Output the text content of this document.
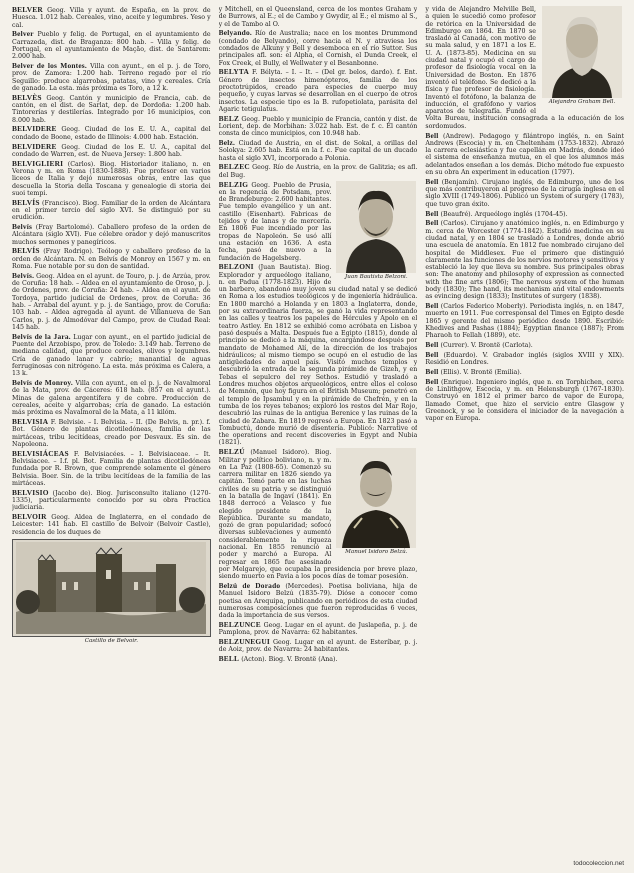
BELVER Geog. Villa y ayunt. de España, en la prov. de Huesca. 1.012 hab. Cereales, vino, aceite y legumbres. Yeso y cal.

Belver Pueblo y felig. de Portugal, en el ayuntamiento de Carrazeda, dist. de Braganza: 800 hab. – Villa y felig. de Portugal, en el ayuntamiento de Mação, dist. de Santarem: 2.000 hab.

Belver de los Montes. Villa con ayunt., en el p. j. de Toro, prov. de Zamora: 1.200 hab. Terreno regado por el río Seguillo: produce algarrobas, patatas, vino y cereales. Cría de ganado. La esta. más próxima es Toro, a 12 k.

BELVÈS Geog. Cantón y municipio de Francia, cab. de cantón, en el dist. de Sarlat, dep. de Dordoña: 1.200 hab. Tintorerías y destilerías. Integrado por 16 municipios, con 8.000 hab.

BELVIDERE Geog. Ciudad de los E. U. A., capital del condado de Boone, estado de Illinois: 4.000 hab. Estación.

BELVIDERE Geog. Ciudad de los E. U. A., capital del condado de Warren, est. de Nueva Jersey: 1.800 hab.

BELVIGLIERI (Carlos). Biog. Historiador italiano, n. en Verona y m. en Roma (1830-1888). Fue profesor en varios liceos de Italia y dejó numerosas obras, entre las que descuella la Storia della Toscana y genealogie di storia dei suoi tempi.

BELVÍS (Francisco). Biog. Familiar de la orden de Alcántara en el primer tercio del siglo XVI. Se distinguió por su erudición.

Belvís (Fray Bartolomé). Caballero profeso de la orden de Alcántara (siglo XVI). Fue célebre orador y dejó manuscritos muchos sermones y panegíricos.

BELVÍS (Fray Rodrigo). Teólogo y caballero profeso de la orden de Alcántara. N. en Belvís de Monroy en 1567 y m. en Roma. Fue notable por su don de santidad.

Belvís. Geog. Aldea en el ayunt. de Touro, p. j. de Arzúa, prov. de Coruña: 18 hab. – Aldea en el ayuntamiento de Oroso, p. j. de Ordenes, prov. de Coruña: 24 hab. – Aldea en el ayunt. de Tordoya, partido judicial de Ordenes, prov. de Coruña: 36 hab. – Arrabal del ayunt. y p. j. de Santiago, prov. de Coruña: 103 hab. – Aldea agregada al ayunt. de Villanueva de San Carlos, p. j. de Almodóvar del Campo, prov. de Ciudad Real: 145 hab.

Belvís de la Jara. Lugar con ayunt., en el partido judicial de Puente del Arzobispo, prov. de Toledo: 3.149 hab. Terreno de mediana calidad, que produce cereales, olivos y legumbres. Cría de ganado lanar y cabrío; manantial de aguas ferruginosas con nitrógeno. La esta. más próxima es Calera, a 13 k.

Belvís de Monroy. Villa con ayunt., en el p. j. de Navalmoral de la Mata, prov. de Cáceres: 618 hab. (857 en el ayunt.). Minas de galena argentífera y de cobre. Producción de cereales, aceite y algarrobas; cría de ganado. La estación más próxima es Navalmoral de la Mata, a 11 kilóm.

BELVISIA F. Belvisie. – I. Belvisia. – II. (De Belvis, n. pr.). f. Bot. Género de plantas dicotiledóneas, familia de las mirtáceas, tribu lecitídeas, creado por Desvaux. Es sin. de Napoleona.

BELVISIÁCEAS F. Belvisiacées. – I. Belvisiaceae. – It. Belvisiacee. – I.f. pl. Bot. Familia de plantas dicotiledóneas fundada por R. Brown, que comprende solamente el género Belvisia. Boer. Sin. de la tribu lecitídeas de la familia de las mirtáceas.

BELVISIO (Jacobo de). Biog. Jurisconsulto italiano (1270-1335), particularmente conocido por su obra Practica judiciaria.

BELVOIR Geog. Aldea de Inglaterra, en el condado de Leicester: 141 hab. El castillo de Belvoir (Belvoir Castle), residencia de los duques de

Castillo de Belvoir.

y Mitchell, en el Queensland, cerca de los montes Graham y de Burrows, al E.; el de Cambo y Gwydir, al E.; el mismo al S., y el de Tambo al O.

Belyando. Río de Australia; nace en los montes Drummond (condado de Belyando), corre hacia el N. y atraviesa los condados de Alkuny y Bell y desemboca en el río Suttor. Sus principales afl. son: el Alpha, el Cornish, el Dunda Creek, el Fox Creek, el Bully, el Wellwater y el Besanbonne.

BELYTA F. Bélyta. – I. – It. – (Del gr. belos, dardo). f. Ent. Género de insectos himenópteros, familia de los proctotrúpidos, creado para especies de cuerpo muy pequeño, y cuyas larvas se desarrollan en el cuerpo de otros insectos. La especie tipo es la B. rufopetiolata, parásita del Agaric tetigulatus.

BELZ Geog. Pueblo y municipio de Francia, cantón y dist. de Lorient, dep. de Morbihan: 3.022 hab. Est. de f. c. El cantón consta de cinco municipios, con 10.948 hab.

Belz. Ciudad de Austria, en el dist. de Sokal, a orillas del Solokya: 2.605 hab. Está en la f. c. Fue capital de un ducado hasta el siglo XVI, incorporado a Polonia.

BELZEC Geog. Río de Austria, en la prov. de Galitzia; es afl. del Bug.

Juan Bautista Belzoni.

BELZIG Geog. Pueblo de Prusia, en la regencia de Potsdam, prov. de Brandeburgo: 2.600 habitantes. Fue templo evangélico y un ant. castillo (Eisenhart). Fabricas de tejidos y de lanas y de mercería. En 1806 Fue incendiado por las tropas de Napoleón. Se usó allí una estación en 1636. A esta fecha, pasó de nuevo a la fundación de Hagelsberg.

BELZONI (Juan Bautista). Biog. Explorador y arqueólogo italiano, n. en Padua (1778-1823). Hijo de un barbero, abandonó muy joven su ciudad natal y se dedicó en Roma a los estudios teológicos y de ingeniería hidráulica. En 1800 marchó a Holanda y en 1803 a Inglaterra, donde, por su extraordinaria fuerza, se ganó la vida representando en las calles y teatros los papeles de Hércules y Apolo en el teatro Astley. En 1812 se exhibió como acróbata en Lisboa y pasó después a Malta. Después fue a Egipto (1815), donde al principio se dedicó a la máquina, encargándose después por mandato de Mohamed Alí, de la dirección de los trabajos hidráulicos; al mismo tiempo se ocupó en el estudio de las antigüedades de aquel país. Visitó muchos templos y descubrió la entrada de la segunda pirámide de Gizeh, y en Tebas el sepulcro del rey Sethos. Estudió y trasladó a Londres muchos objetos arqueológicos, entre ellos el coloso de Memnón, que hoy figura en el British Museum; penetró en el templo de Ipsambul y en la pirámide de Chefrén, y en la tumba de los reyes tebanos; exploró los restos del Mar Rojo, descubrió las ruinas de la antigua Berenice y las ruinas de la ciudad de Zabara. En 1819 regresó a Europa. En 1823 pasó a Tombuctú, donde murió de disentería. Publicó: Narrative of the operations and recent discoveries in Egypt and Nubia (1821).

Manuel Isidoro Belzú.

BELZÚ (Manuel Isidoro). Biog. Militar y político boliviano, n. y m. en La Paz (1808-65). Comenzó su carrera militar en 1826 siendo ya capitán. Tomó parte en las luchas civiles de su patria y se distinguió en la batalla de Ingaví (1841). En 1848 derrocó a Velasco y fue elegido presidente de la República. Durante su mandato, gozó de gran popularidad; sofocó diversas sublevaciones y aumentó considerablemente la riqueza nacional. En 1855 renunció al poder y marchó a Europa. Al regresar en 1865 fue asesinado por Melgarejo, que ocupaba la presidencia por breve plazo, siendo muerto en Pavia a los pocos días de tomar posesión.

Belzú de Dorado (Mercedes). Poetisa boliviana, hija de Manuel Isidoro Belzú (1835-79). Dióse a conocer como poetisa en Arequipa, publicando en periódicos de esta ciudad numerosas composiciones que fueron reproducidas 6 veces, dada la importancia de sus versos.

BELZUNCE Geog. Lugar en el ayunt. de Juslapeña, p. j. de Pamplona, prov. de Navarra: 62 habitantes.

BELZUNEGUI Geog. Lugar en el ayunt. de Esteríbar, p. j. de Aoiz, prov. de Navarra: 24 habitantes.

BELL (Acton). Biog. V. Brontë (Ana).

Alejandro Graham Bell.

y vida de Alejandro Melville Bell, a quien le sucedió como profesor de retórica en la Universidad de Edimburgo en 1864. En 1870 se trasladó al Canadá, con motivo de su mala salud, y en 1871 a los E. U. A. (1873-85). Medicina en su ciudad natal y ocupó el cargo de profesor de fisiología vocal en la Universidad de Boston. En 1876 inventó el teléfono. Se dedicó a la física y fue profesor de fisiología. Inventó el fotófono, la balanza de inducción, el grafófono y varios aparatos de telegrafía. Fundó el Volta Bureau, institución consagrada a la educación de los sordomudos.

Bell (Andrew). Pedagogo y filántropo inglés, n. en Saint Andrews (Escocia) y m. en Cheltenham (1753-1832). Abrazó la carrera eclesiástica y fue capellán en Madrás, donde ideó el sistema de enseñanza mutua, en el que los alumnos más adelantados enseñan a los demás. Dicho método fue expuesto en su obra An experiment in education (1797).

Bell (Benjamín). Cirujano inglés, de Edimburgo, uno de los que más contribuyeron al progreso de la cirugía inglesa en el siglo XVIII (1749-1806). Publicó un System of surgery (1783), que tuvo gran éxito.

Bell (Beaufré). Arqueólogo inglés (1704-45).

Bell (Carlos). Cirujano y anatómico inglés, n. en Edimburgo y m. cerca de Worcester (1774-1842). Estudió medicina en su ciudad natal, y en 1804 se trasladó a Londres, donde abrió una escuela de anatomía. En 1812 fue nombrado cirujano del hospital de Middlesex. Fue el primero que distinguió claramente las funciones de los nervios motores y sensitivos y estableció la ley que lleva su nombre. Sus principales obras son: The anatomy and philosophy of expression as connected with the fine arts (1806); The nervous system of the human body (1830); The hand, its mechanism and vital endowments as evincing design (1833); Institutes of surgery (1838).

Bell (Carlos Federico Moberly). Periodista inglés, n. en 1847, muerto en 1911. Fue corresponsal del Times en Egipto desde 1865 y gerente del mismo periódico desde 1890. Escribió: Khedives and Pashas (1884); Egyptian finance (1887); From Pharaoh to Fellah (1889), etc.

Bell (Currer). V. Brontë (Carlota).

Bell (Eduardo). V. Grabador inglés (siglos XVIII y XIX). Residió en Londres.

Bell (Ellis). V. Brontë (Emilia).

Bell (Enrique). Ingeniero inglés, que n. en Torphichen, cerca de Linlithgow, Escocia, y m. en Helensburgh (1767-1830). Construyó en 1812 el primer barco de vapor de Europa, llamado Comet, que hizo el servicio entre Glasgow y Greenock, y se le considera el iniciador de la navegación a vapor en Europa.

todocoleccion.net
